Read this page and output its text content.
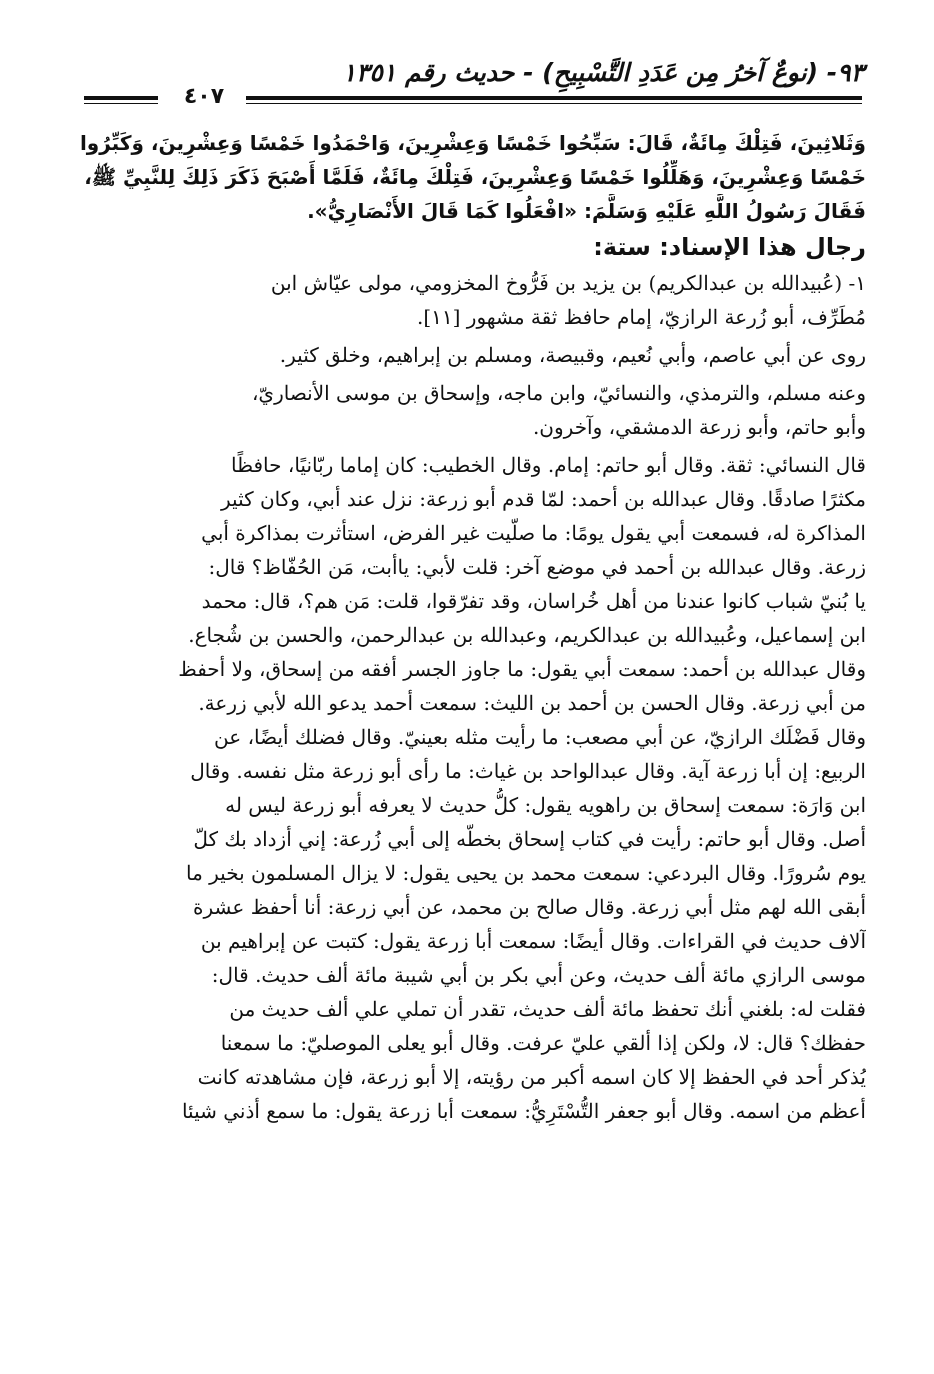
٩٣- (نوعٌ آخرُ مِن عَدَدِ التَّسْبِيحِ) - حديث رقم ١٣٥١
٤٠٧
وَثَلاثِينَ، فَتِلْكَ مِائَةٌ، قَالَ: سَبِّحُوا خَمْسًا وَعِشْرِينَ، وَاحْمَدُوا خَمْسًا وَعِشْرِينَ، وَكَبِّرُوا
خَمْسًا وَعِشْرِينَ، وَهَلِّلُوا خَمْسًا وَعِشْرِينَ، فَتِلْكَ مِائَةٌ، فَلَمَّا أَصْبَحَ ذَكَرَ ذَلِكَ لِلنَّبِيِّ ﷺ،
فَقَالَ رَسُولُ اللَّهِ عَلَيْهِ وَسَلَّمَ: «افْعَلُوا كَمَا قَالَ الأَنْصَارِيُّ».
رجال هذا الإسناد: ستة:
١- (عُبيدالله بن عبدالكريم) بن يزيد بن فَرُّوخ المخزومي، مولى عيّاش ابن
مُطَرِّف، أبو زُرعة الرازيّ، إمام حافظ ثقة مشهور [١١].
روى عن أبي عاصم، وأبي نُعيم، وقبيصة، ومسلم بن إبراهيم، وخلق كثير.
وعنه مسلم، والترمذي، والنسائيّ، وابن ماجه، وإسحاق بن موسى الأنصاريّ،
وأبو حاتم، وأبو زرعة الدمشقي، وآخرون.
قال النسائي: ثقة. وقال أبو حاتم: إمام. وقال الخطيب: كان إماما ربّانيًا، حافظًا
مكثرًا صادقًا. وقال عبدالله بن أحمد: لمّا قدم أبو زرعة: نزل عند أبي، وكان كثير
المذاكرة له، فسمعت أبي يقول يومًا: ما صلّيت غير الفرض، استأثرت بمذاكرة أبي
زرعة. وقال عبدالله بن أحمد في موضع آخر: قلت لأبي: ياأبت، مَن الحُفّاظ؟ قال:
يا بُنيّ شباب كانوا عندنا من أهل خُراسان، وقد تفرّقوا، قلت: مَن هم؟، قال: محمد
ابن إسماعيل، وعُبيدالله بن عبدالكريم، وعبدالله بن عبدالرحمن، والحسن بن شُجاع.
وقال عبدالله بن أحمد: سمعت أبي يقول: ما جاوز الجسر أفقه من إسحاق، ولا أحفظ
من أبي زرعة. وقال الحسن بن أحمد بن الليث: سمعت أحمد يدعو الله لأبي زرعة.
وقال فَضْلَك الرازيّ، عن أبي مصعب: ما رأيت مثله بعينيّ. وقال فضلك أيضًا، عن
الربيع: إن أبا زرعة آية. وقال عبدالواحد بن غياث: ما رأى أبو زرعة مثل نفسه. وقال
ابن وَارَة: سمعت إسحاق بن راهويه يقول: كلُّ حديث لا يعرفه أبو زرعة ليس له
أصل. وقال أبو حاتم: رأيت في كتاب إسحاق بخطّه إلى أبي زُرعة: إني أزداد بك كلّ
يوم سُرورًا. وقال البردعي: سمعت محمد بن يحيى يقول: لا يزال المسلمون بخير ما
أبقى الله لهم مثل أبي زرعة. وقال صالح بن محمد، عن أبي زرعة: أنا أحفظ عشرة
آلاف حديث في القراءات. وقال أيضًا: سمعت أبا زرعة يقول: كتبت عن إبراهيم بن
موسى الرازي مائة ألف حديث، وعن أبي بكر بن أبي شيبة مائة ألف حديث. قال:
فقلت له: بلغني أنك تحفظ مائة ألف حديث، تقدر أن تملي علي ألف حديث من
حفظك؟ قال: لا، ولكن إذا ألقي عليّ عرفت. وقال أبو يعلى الموصليّ: ما سمعنا
يُذكر أحد في الحفظ إلا كان اسمه أكبر من رؤيته، إلا أبو زرعة، فإن مشاهدته كانت
أعظم من اسمه. وقال أبو جعفر التُّسْتَرِيُّ: سمعت أبا زرعة يقول: ما سمع أذني شيئا
